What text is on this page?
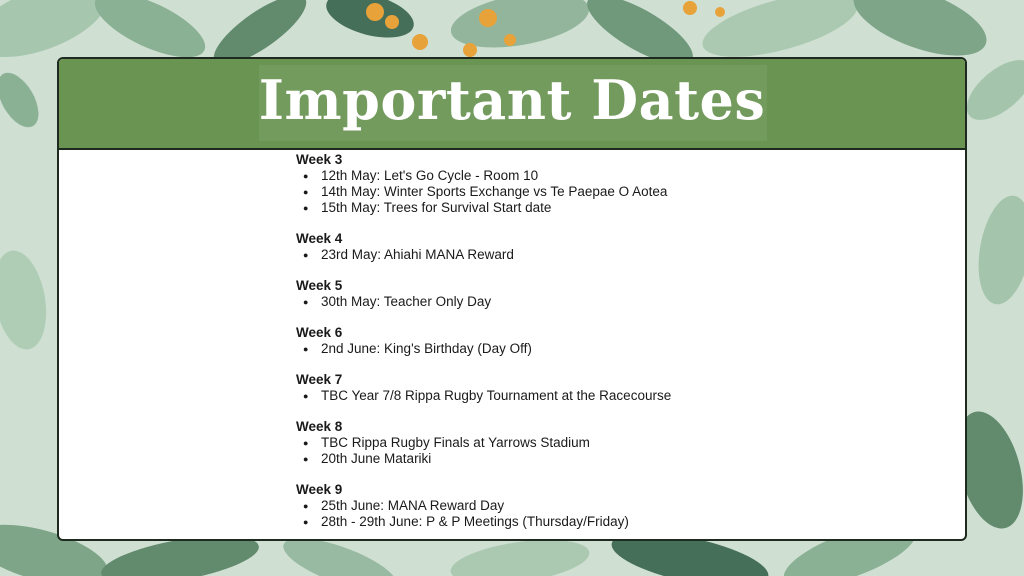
Important Dates
Week 3
● 12th May: Let's Go Cycle - Room 10
● 14th May: Winter Sports Exchange vs Te Paepae O Aotea
● 15th May: Trees for Survival Start date
Week 4
● 23rd May: Ahiahi MANA Reward
Week 5
● 30th May: Teacher Only Day
Week 6
● 2nd June: King's Birthday (Day Off)
Week 7
● TBC Year 7/8 Rippa Rugby Tournament at the Racecourse
Week 8
● TBC Rippa Rugby Finals at Yarrows Stadium
● 20th June Matariki
Week 9
● 25th June: MANA Reward Day
● 28th - 29th June: P & P Meetings (Thursday/Friday)
